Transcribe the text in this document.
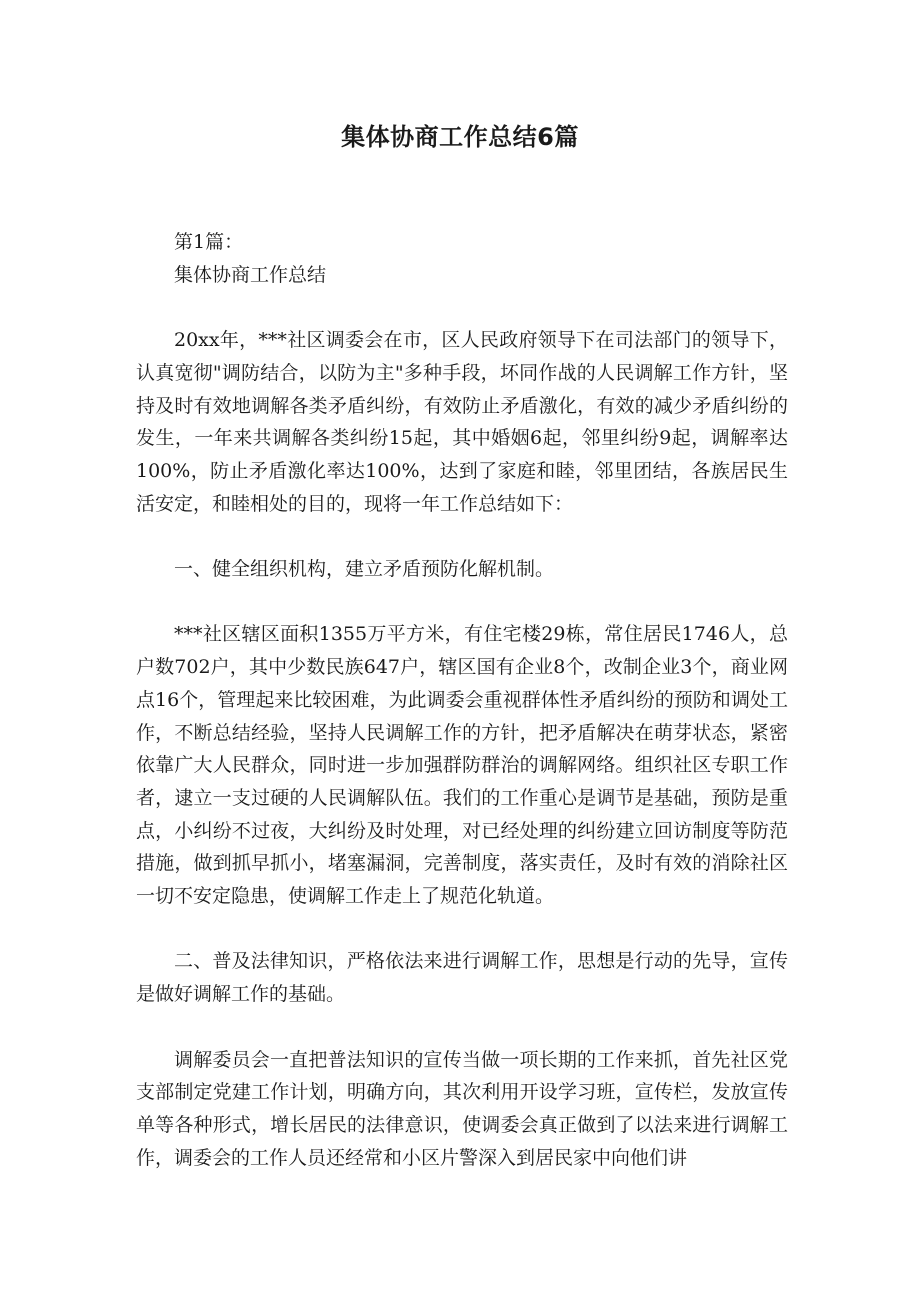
集体协商工作总结6篇

第1篇：

集体协商工作总结

20xx年，***社区调委会在市，区人民政府领导下在司法部门的领导下，认真宽彻"调防结合，以防为主"多种手段，坏同作战的人民调解工作方针，坚持及时有效地调解各类矛盾纠纷，有效防止矛盾激化，有效的减少矛盾纠纷的发生，一年来共调解各类纠纷15起，其中婚姻6起，邻里纠纷9起，调解率达100%，防止矛盾激化率达100%，达到了家庭和睦，邻里团结，各族居民生活安定，和睦相处的目的，现将一年工作总结如下：

一、健全组织机构，建立矛盾预防化解机制。

***社区辖区面积1355万平方米，有住宅楼29栋，常住居民1746人，总户数702户，其中少数民族647户，辖区国有企业8个，改制企业3个，商业网点16个，管理起来比较困难，为此调委会重视群体性矛盾纠纷的预防和调处工作，不断总结经验，坚持人民调解工作的方针，把矛盾解决在萌芽状态，紧密依靠广大人民群众，同时进一步加强群防群治的调解网络。组织社区专职工作者，逮立一支过硬的人民调解队伍。我们的工作重心是调节是基础，预防是重点，小纠纷不过夜，大纠纷及时处理，对已经处理的纠纷建立回访制度等防范措施，做到抓早抓小，堵塞漏洞，完善制度，落实责任，及时有效的消除社区一切不安定隐患，使调解工作走上了规范化轨道。

二、普及法律知识，严格依法来进行调解工作，思想是行动的先导，宣传是做好调解工作的基础。

调解委员会一直把普法知识的宣传当做一项长期的工作来抓，首先社区党支部制定党建工作计划，明确方向，其次利用开设学习班，宣传栏，发放宣传单等各种形式，增长居民的法律意识，使调委会真正做到了以法来进行调解工作，调委会的工作人员还经常和小区片警深入到居民家中向他们讲
